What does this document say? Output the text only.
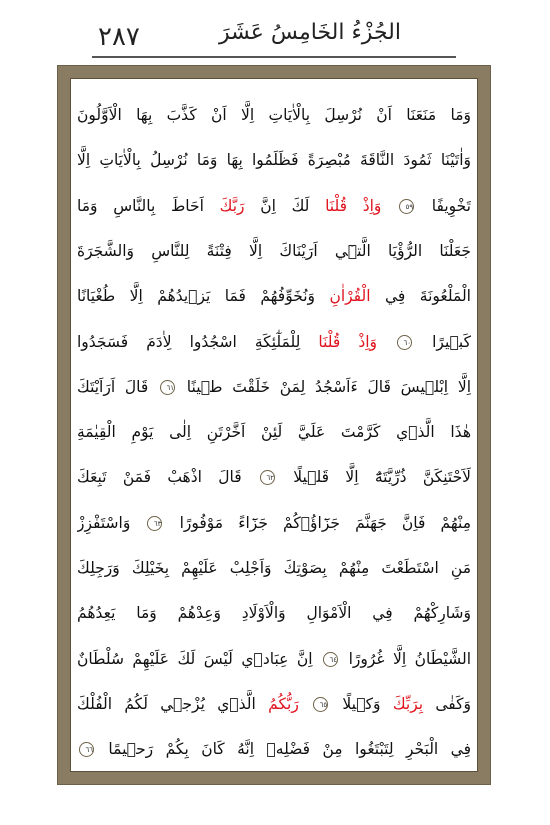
٢٨٧	الجُزْءُ الخَامِسُ عَشَرَ
وَمَا مَنَعَنَا اَنْ نُرْسِلَ بِالْاٰيَاتِ اِلَّا اَنْ كَذَّبَ بِهَا الْاَوَّلُونَ
وَاٰتَيْنَا ثَمُودَ النَّاقَةَ مُبْصِرَةً فَظَلَمُوا بِهَا وَمَا نُرْسِلُ بِالْاٰيَاتِ اِلَّا
تَخْوِيفًا ٥٩ وَاِذْ قُلْنَا لَكَ اِنَّ رَبَّكَ اَحَاطَ بِالنَّاسِ وَمَا
جَعَلْنَا الرُّؤْيَا الَّت۪ٓي اَرَيْنَاكَ اِلَّا فِتْنَةً لِلنَّاسِ وَالشَّجَرَةَ
الْمَلْعُونَةَ فِي الْقُرْاٰنِ وَنُخَوِّفُهُمْ فَمَا يَز۪يدُهُمْ اِلَّا طُغْيَانًا
كَب۪يرًا ٦٠ وَاِذْ قُلْنَا لِلْمَلٰٓئِكَةِ اسْجُدُوا لِاٰدَمَ فَسَجَدُوا
اِلَّا اِبْل۪يسَ قَالَ ءَاَسْجُدُ لِمَنْ خَلَقْتَ ط۪ينًا ٦١ قَالَ اَرَاَيْتَكَ
هٰذَا الَّذ۪ي كَرَّمْتَ عَلَيَّ لَئِنْ اَخَّرْتَنِ اِلٰى يَوْمِ الْقِيٰمَةِ
لَاَحْتَنِكَنَّ ذُرِّيَّتَهُٓ اِلَّا قَل۪يلًا ٦٢ قَالَ اذْهَبْ فَمَنْ تَبِعَكَ
مِنْهُمْ فَاِنَّ جَهَنَّمَ جَزَٓاؤُ۬كُمْ جَزَٓاءً مَوْفُورًا ٦٣ وَاسْتَفْزِزْ
مَنِ اسْتَطَعْتَ مِنْهُمْ بِصَوْتِكَ وَاَجْلِبْ عَلَيْهِمْ بِخَيْلِكَ وَرَجِلِكَ
وَشَارِكْهُمْ فِي الْاَمْوَالِ وَالْاَوْلَادِ وَعِدْهُمْ وَمَا يَعِدُهُمُ
الشَّيْطَانُ اِلَّا غُرُورًا ٦٤ اِنَّ عِبَاد۪ي لَيْسَ لَكَ عَلَيْهِمْ سُلْطَانٌ
وَكَفٰى بِرَبِّكَ وَك۪يلًا ٦٥ رَبُّكُمُ الَّذ۪ي يُزْج۪ي لَكُمُ الْفُلْكَ
فِي الْبَحْرِ لِتَبْتَغُوا مِنْ فَضْلِه۪ اِنَّهُ كَانَ بِكُمْ رَح۪يمًا ٦٦
